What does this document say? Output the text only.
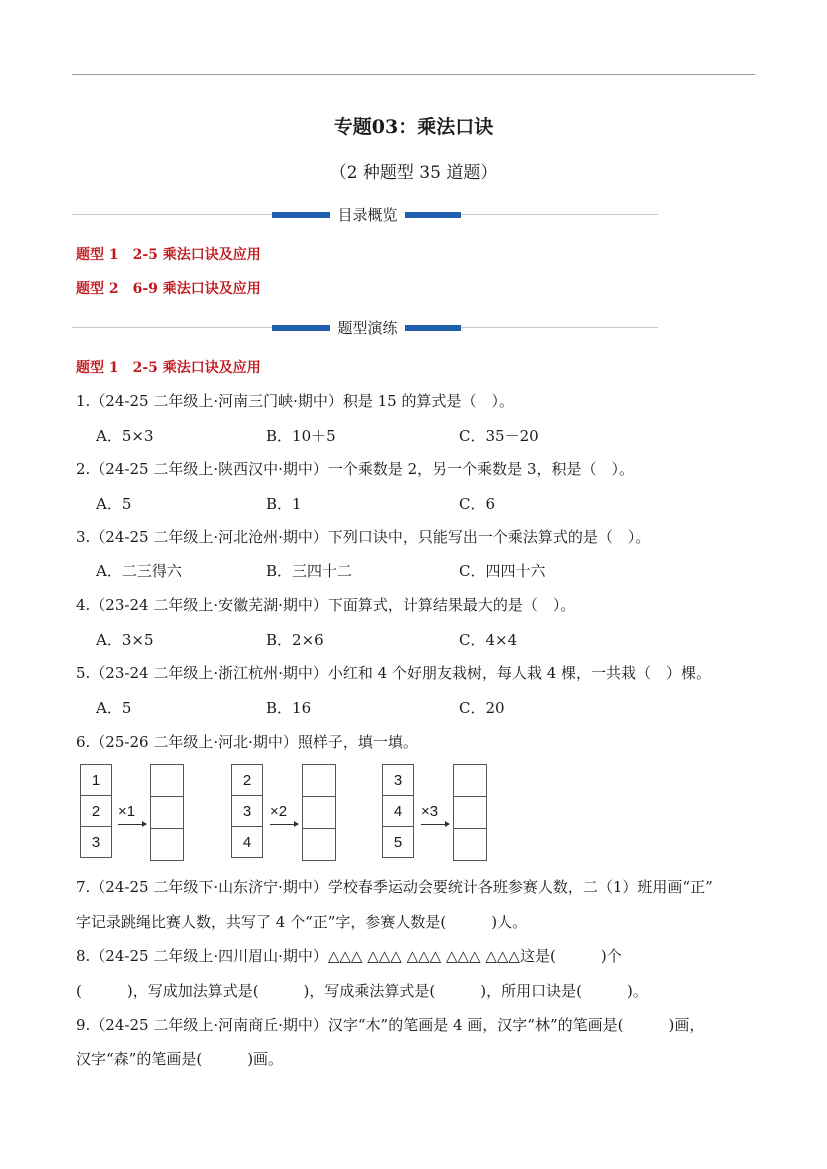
专题03：乘法口诀
（2 种题型 35 道题）
目录概览
题型 1　2-5 乘法口诀及应用
题型 2　6-9 乘法口诀及应用
题型演练
题型 1　2-5 乘法口诀及应用
1.（24-25 二年级上·河南三门峡·期中）积是 15 的算式是（　）。
A．5×3	B．10＋5	C．35－20
2.（24-25 二年级上·陕西汉中·期中）一个乘数是 2，另一个乘数是 3，积是（　）。
A．5	B．1	C．6
3.（24-25 二年级上·河北沧州·期中）下列口诀中，只能写出一个乘法算式的是（　）。
A．二三得六	B．三四十二	C．四四十六
4.（23-24 二年级上·安徽芜湖·期中）下面算式，计算结果最大的是（　）。
A．3×5	B．2×6	C．4×4
5.（23-24 二年级上·浙江杭州·期中）小红和 4 个好朋友栽树，每人栽 4 棵，一共栽（　）棵。
A．5	B．16	C．20
6.（25-26 二年级上·河北·期中）照样子，填一填。
1
2
3
×1

2
3
4
×2

3
4
5
×3

7.（24-25 二年级下·山东济宁·期中）学校春季运动会要统计各班参赛人数，二（1）班用画“正”
字记录跳绳比赛人数，共写了 4 个“正”字，参赛人数是(　　　)人。
8.（24-25 二年级上·四川眉山·期中）△△△ △△△ △△△ △△△ △△△这是(　　　)个
(　　　)，写成加法算式是(　　　)，写成乘法算式是(　　　)，所用口诀是(　　　)。
9.（24-25 二年级上·河南商丘·期中）汉字“木”的笔画是 4 画，汉字“林”的笔画是(　　　)画，
汉字“森”的笔画是(　　　)画。
